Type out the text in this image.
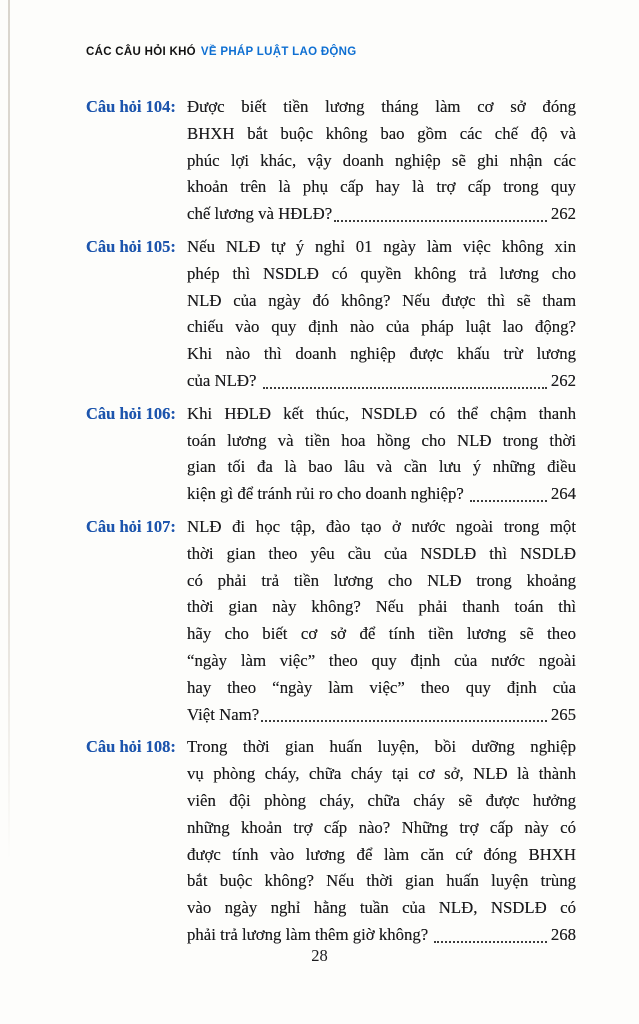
CÁC CÂU HỎI KHÓ VỀ PHÁP LUẬT LAO ĐỘNG
Câu hỏi 104: Được biết tiền lương tháng làm cơ sở đóng
BHXH bắt buộc không bao gồm các chế độ và
phúc lợi khác, vậy doanh nghiệp sẽ ghi nhận các
khoản trên là phụ cấp hay là trợ cấp trong quy
chế lương và HĐLĐ?	262
Câu hỏi 105: Nếu NLĐ tự ý nghỉ 01 ngày làm việc không xin
phép thì NSDLĐ có quyền không trả lương cho
NLĐ của ngày đó không? Nếu được thì sẽ tham
chiếu vào quy định nào của pháp luật lao động?
Khi nào thì doanh nghiệp được khấu trừ lương
của NLĐ?	262
Câu hỏi 106: Khi HĐLĐ kết thúc, NSDLĐ có thể chậm thanh
toán lương và tiền hoa hồng cho NLĐ trong thời
gian tối đa là bao lâu và cần lưu ý những điều
kiện gì để tránh rủi ro cho doanh nghiệp?	264
Câu hỏi 107: NLĐ đi học tập, đào tạo ở nước ngoài trong một
thời gian theo yêu cầu của NSDLĐ thì NSDLĐ
có phải trả tiền lương cho NLĐ trong khoảng
thời gian này không? Nếu phải thanh toán thì
hãy cho biết cơ sở để tính tiền lương sẽ theo
“ngày làm việc” theo quy định của nước ngoài
hay theo “ngày làm việc” theo quy định của
Việt Nam?	265
Câu hỏi 108: Trong thời gian huấn luyện, bồi dưỡng nghiệp
vụ phòng cháy, chữa cháy tại cơ sở, NLĐ là thành
viên đội phòng cháy, chữa cháy sẽ được hưởng
những khoản trợ cấp nào? Những trợ cấp này có
được tính vào lương để làm căn cứ đóng BHXH
bắt buộc không? Nếu thời gian huấn luyện trùng
vào ngày nghỉ hằng tuần của NLĐ, NSDLĐ có
phải trả lương làm thêm giờ không?	268
28
